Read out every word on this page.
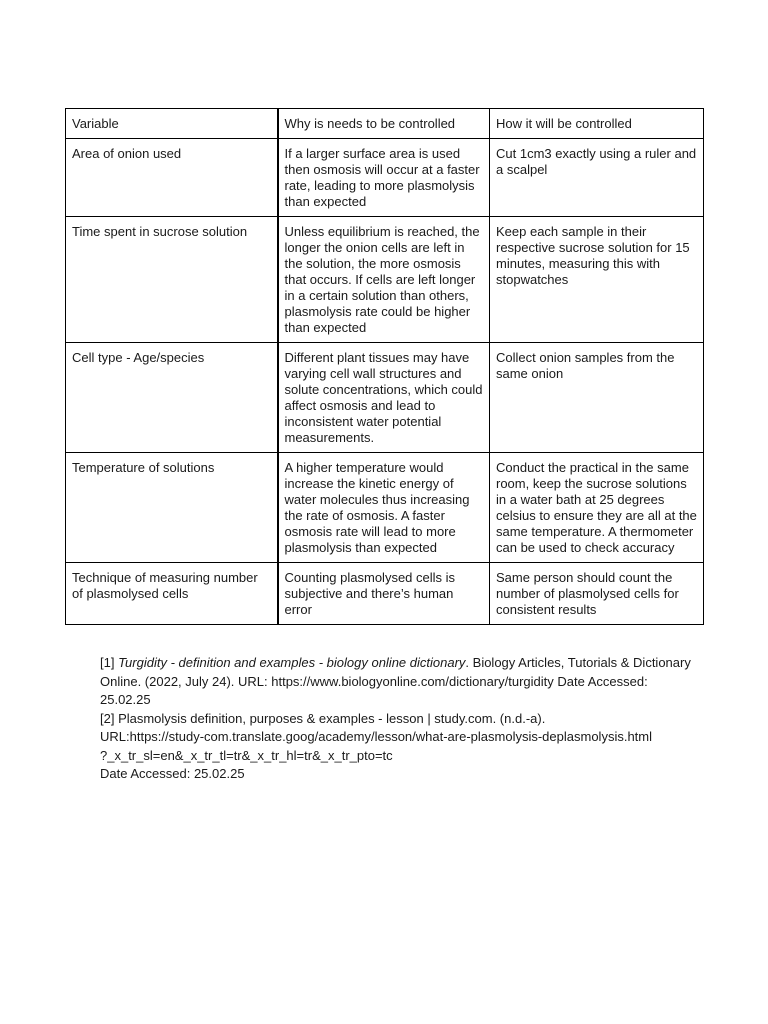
Variable	Why is needs to be controlled	How it will be controlled
Area of onion used	If a larger surface area is used then osmosis will occur at a faster rate, leading to more plasmolysis than expected	Cut 1cm3 exactly using a ruler and a scalpel
Time spent in sucrose solution	Unless equilibrium is reached, the longer the onion cells are left in the solution, the more osmosis that occurs. If cells are left longer in a certain solution than others, plasmolysis rate could be higher than expected	Keep each sample in their respective sucrose solution for 15 minutes, measuring this with stopwatches
Cell type - Age/species	Different plant tissues may have varying cell wall structures and solute concentrations, which could affect osmosis and lead to inconsistent water potential measurements.	Collect onion samples from the same onion
Temperature of solutions	A higher temperature would increase the kinetic energy of water molecules thus increasing the rate of osmosis. A faster osmosis rate will lead to more plasmolysis than expected	Conduct the practical in the same room, keep the sucrose solutions in a water bath at 25 degrees celsius to ensure they are all at the same temperature. A thermometer can be used to check accuracy
Technique of measuring number of plasmolysed cells	Counting plasmolysed cells is subjective and there’s human error	Same person should count the number of plasmolysed cells for consistent results
[1] Turgidity - definition and examples - biology online dictionary. Biology Articles, Tutorials & Dictionary Online. (2022, July 24). URL: https://www.biologyonline.com/dictionary/turgidity Date Accessed: 25.02.25
[2] Plasmolysis definition, purposes & examples - lesson | study.com. (n.d.-a).
URL:https://study-com.translate.goog/academy/lesson/what-are-plasmolysis-deplasmolysis.html
?_x_tr_sl=en&_x_tr_tl=tr&_x_tr_hl=tr&_x_tr_pto=tc
Date Accessed: 25.02.25
